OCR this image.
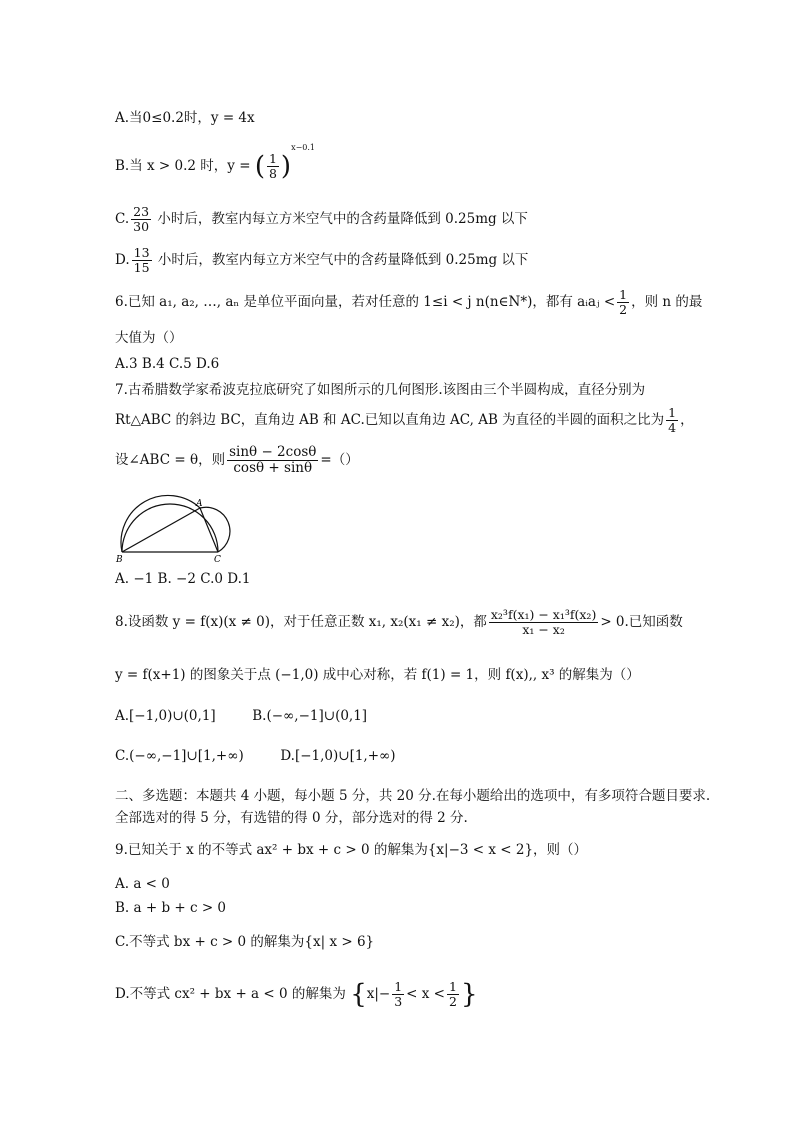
A.当0≤0.2时，y = 4x
B.当 x > 0.2 时，y = ( $\frac{1}{8} )^{x-0.1}$
C. $\frac{23}{30}$ 小时后，教室内每立方米空气中的含药量降低到 0.25mg 以下
D. $\frac{13}{15}$ 小时后，教室内每立方米空气中的含药量降低到 0.25mg 以下
6.已知 a₁, a₂, …, aₙ 是单位平面向量，若对任意的 1≤i < j n(n∈N*)，都有 aᵢaⱼ < $\frac{1}{2}$ ，则 n 的最
大值为（）
A.3 B.4 C.5 D.6
7.古希腊数学家希波克拉底研究了如图所示的几何图形.该图由三个半圆构成，直径分别为
Rt△ABC 的斜边 BC，直角边 AB 和 AC.已知以直角边 AC, AB 为直径的半圆的面积之比为 $\frac{1}{4}$ ，
设∠ABC = θ，则 $\frac{\sin\theta - 2\cos\theta}{\cos\theta + \sin\theta}$ =（）
A
B	C
A. −1 B. −2 C.0 D.1
8.设函数 y = f(x)(x ≠ 0)，对于任意正数 x₁, x₂(x₁ ≠ x₂)，都 $\frac{\text{x₂³f(x₁) − x₁³f(x₂)}}{\text{x₁ − x₂}} > 0$.已知函数
y = f(x+1) 的图象关于点 (−1,0) 成中心对称，若 f(1) = 1，则 f(x),, x³ 的解集为（）
A.[−1,0)∪(0,1]	B.(−∞,−1]∪(0,1]
C.(−∞,−1]∪[1,+∞)	D.[−1,0)∪[1,+∞)
二、多选题：本题共 4 小题，每小题 5 分，共 20 分.在每小题给出的选项中，有多项符合题目要求.
全部选对的得 5 分，有选错的得 0 分，部分选对的得 2 分.
9.已知关于 x 的不等式 ax² + bx + c > 0 的解集为{x|−3 < x < 2}，则（）
A. a < 0
B. a + b + c > 0
C.不等式 bx + c > 0 的解集为{x| x > 6}
D.不等式 cx² + bx + a < 0 的解集为 {$x|- \frac{1}{3} < x < \frac{1}{2}$ }
